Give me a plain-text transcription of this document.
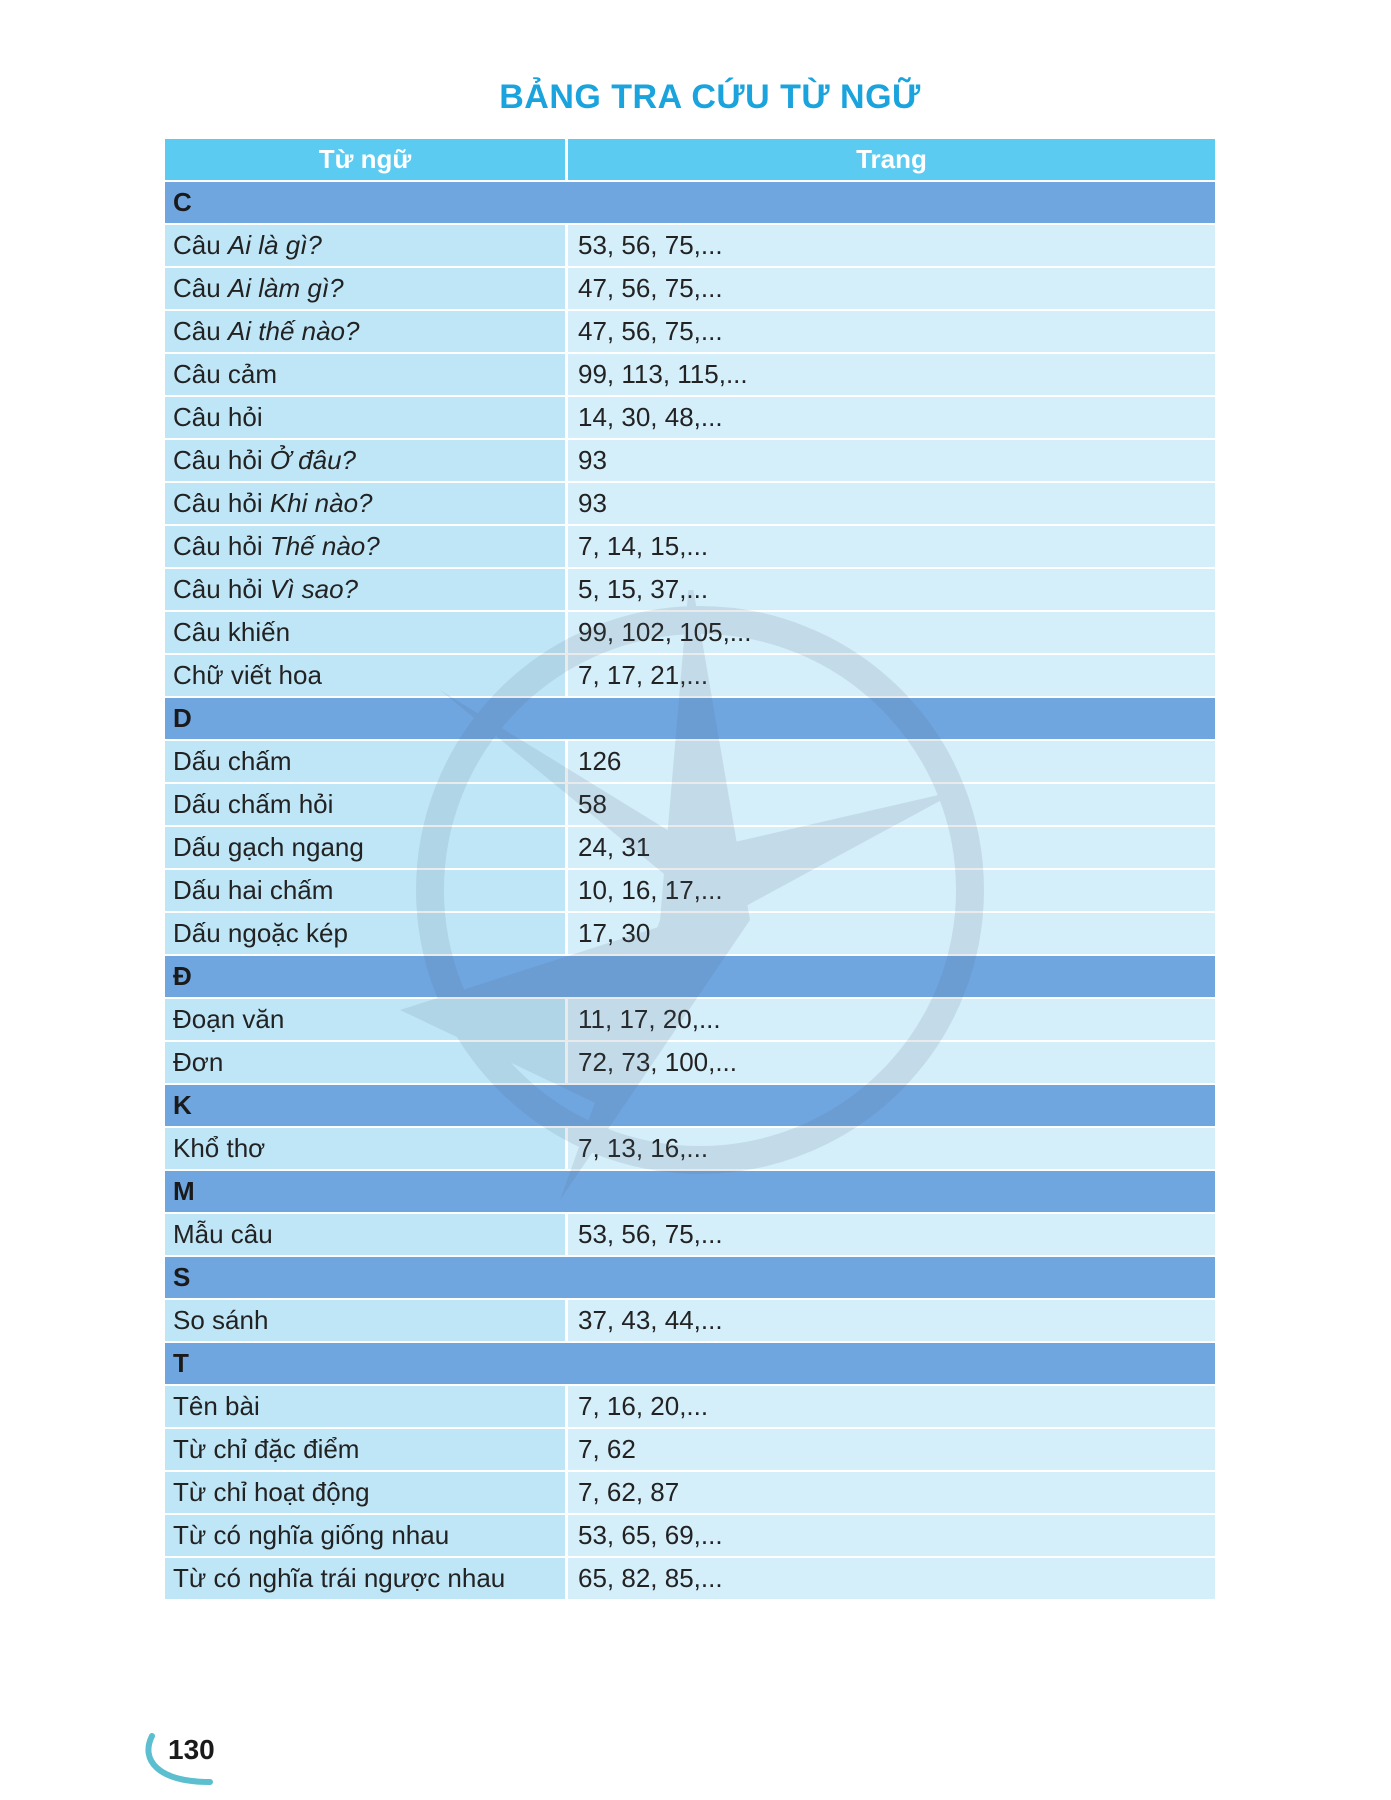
BẢNG TRA CỨU TỪ NGỮ
Từ ngữ	Trang
C	
Câu Ai là gì?	53, 56, 75,...
Câu Ai làm gì?	47, 56, 75,...
Câu Ai thế nào?	47, 56, 75,...
Câu cảm	99, 113, 115,...
Câu hỏi	14, 30, 48,...
Câu hỏi Ở đâu?	93
Câu hỏi Khi nào?	93
Câu hỏi Thế nào?	7, 14, 15,...
Câu hỏi Vì sao?	5, 15, 37,...
Câu khiến	99, 102, 105,...
Chữ viết hoa	7, 17, 21,...
D	
Dấu chấm	126
Dấu chấm hỏi	58
Dấu gạch ngang	24, 31
Dấu hai chấm	10, 16, 17,...
Dấu ngoặc kép	17, 30
Đ	
Đoạn văn	11, 17, 20,...
Đơn	72, 73, 100,...
K	
Khổ thơ	7, 13, 16,...
M	
Mẫu câu	53, 56, 75,...
S	
So sánh	37, 43, 44,...
T	
Tên bài	7, 16, 20,...
Từ chỉ đặc điểm	7, 62
Từ chỉ hoạt động	7, 62, 87
Từ có nghĩa giống nhau	53, 65, 69,...
Từ có nghĩa trái ngược nhau	65, 82, 85,...
130
